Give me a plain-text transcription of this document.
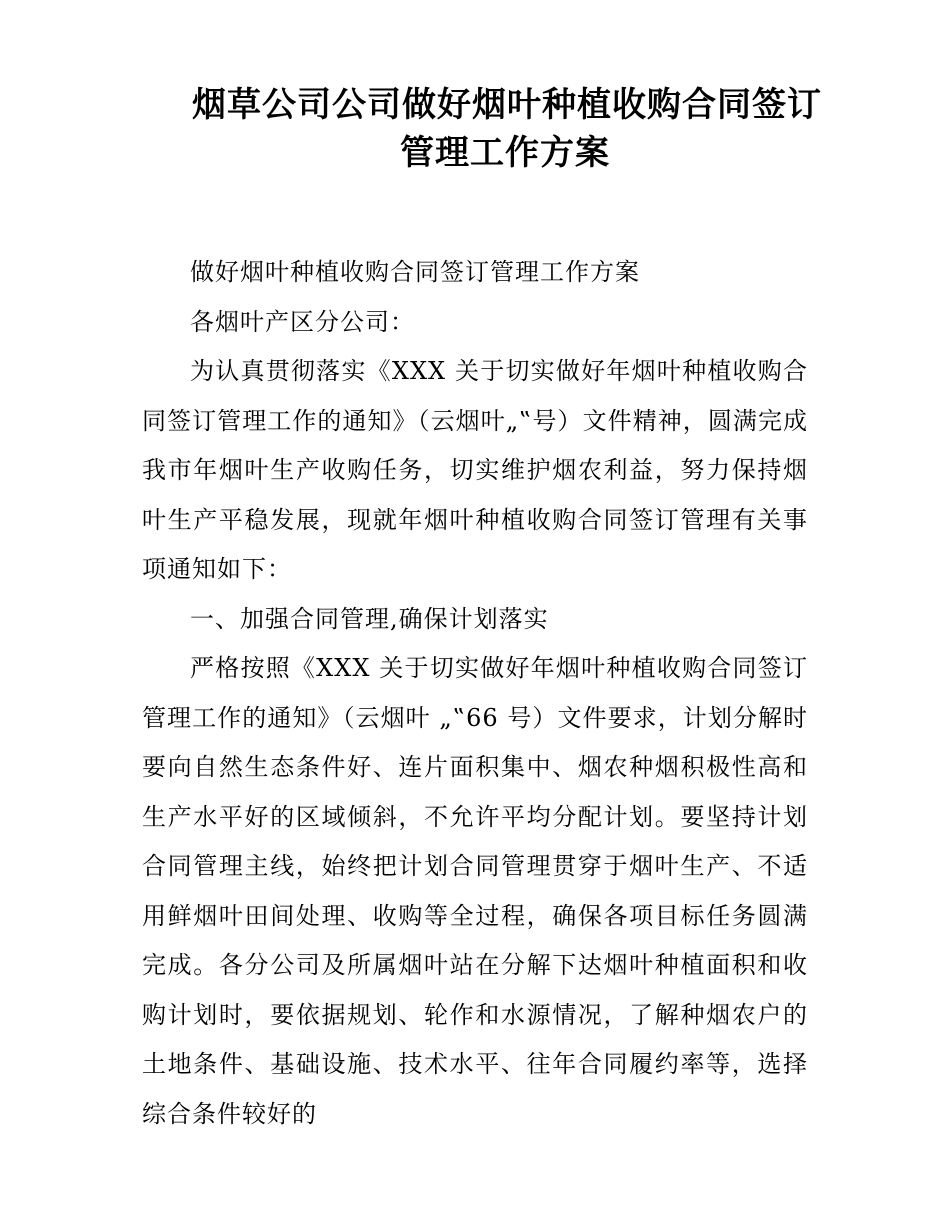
烟草公司公司做好烟叶种植收购合同签订
管理工作方案

做好烟叶种植收购合同签订管理工作方案

各烟叶产区分公司：

为认真贯彻落实《XXX 关于切实做好年烟叶种植收购合同签订管理工作的通知》（云烟叶„‟号）文件精神，圆满完成我市年烟叶生产收购任务，切实维护烟农利益，努力保持烟叶生产平稳发展，现就年烟叶种植收购合同签订管理有关事项通知如下：

一、加强合同管理,确保计划落实

严格按照《XXX 关于切实做好年烟叶种植收购合同签订管理工作的通知》（云烟叶 „‟66 号）文件要求，计划分解时要向自然生态条件好、连片面积集中、烟农种烟积极性高和生产水平好的区域倾斜，不允许平均分配计划。要坚持计划合同管理主线，始终把计划合同管理贯穿于烟叶生产、不适用鲜烟叶田间处理、收购等全过程，确保各项目标任务圆满完成。各分公司及所属烟叶站在分解下达烟叶种植面积和收购计划时，要依据规划、轮作和水源情况，了解种烟农户的土地条件、基础设施、技术水平、往年合同履约率等，选择综合条件较好的
